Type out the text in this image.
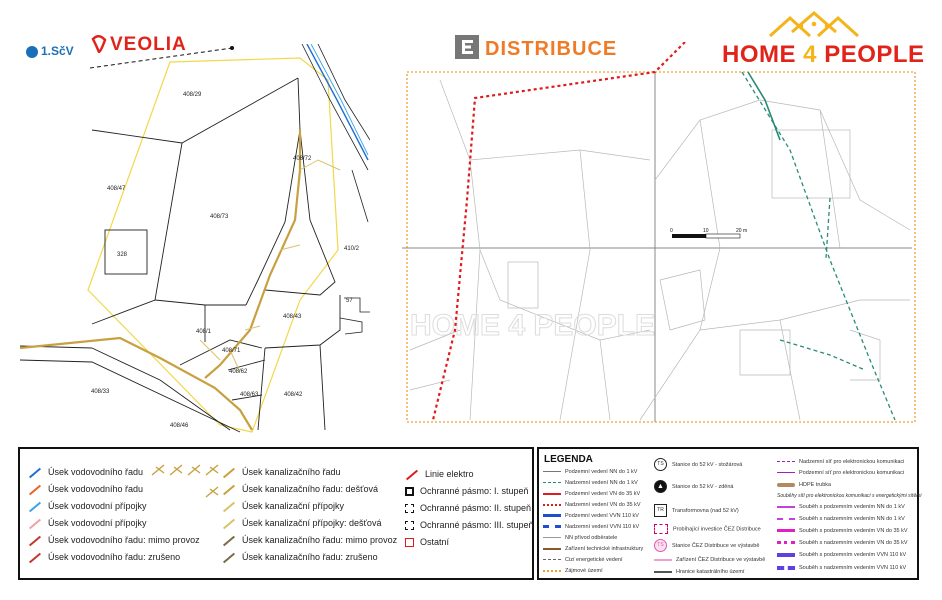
1.SčV	VEOLIA	DISTRIBUCE	HOME 4 PEOPLE
408/29
408/47
408/73
408/72
328
410/2
408/1
408/71
408/62
408/63
408/43
408/42
408/33
408/46
57
HOME 4 PEOPLE
0	10	20 m
Úsek vodovodního řadu
Úsek vodovodního řadu
Úsek vodovodní přípojky
Úsek vodovodní přípojky
Úsek vodovodního řadu: mimo provoz
Úsek vodovodního řadu: zrušeno
Úsek kanalizačního řadu
Úsek kanalizačního řadu: dešťová
Úsek kanalizační přípojky
Úsek kanalizační přípojky: dešťová
Úsek kanalizačního řadu: mimo provoz
Úsek kanalizačního řadu: zrušeno
Linie elektro
Ochranné pásmo: I. stupeň
Ochranné pásmo: II. stupeň
Ochranné pásmo: III. stupeň
Ostatní
LEGENDA
Podzemní vedení NN do 1 kV
Nadzemní vedení NN do 1 kV
Podzemní vedení VN do 35 kV
Nadzemní vedení VN do 35 kV
Podzemní vedení VVN 110 kV
Nadzemní vedení VVN 110 kV
NN přívod odběratele
Zařízení technické infrastruktury
Cizí energetické vedení
Zájmové území
TS Stanice do 52 kV - stožárová
▲ Stanice do 52 kV - zděná
TR Transformovna (nad 52 kV)
Probíhající investice ČEZ Distribuce
TS Stanice ČEZ Distribuce ve výstavbě
Zařízení ČEZ Distribuce ve výstavbě
Hranice katastrálního území
Nadzemní síť pro elektronickou komunikaci
Podzemní síť pro elektronickou komunikaci
HDPE trubka
Souběhy sítí pro elektronickou komunikaci s energetickými sítěmi
Souběh s podzemním vedením NN do 1 kV
Souběh s nadzemním vedením NN do 1 kV
Souběh s podzemním vedením VN do 35 kV
Souběh s nadzemním vedením VN do 35 kV
Souběh s podzemním vedením VVN 110 kV
Souběh s nadzemním vedením VVN 110 kV
